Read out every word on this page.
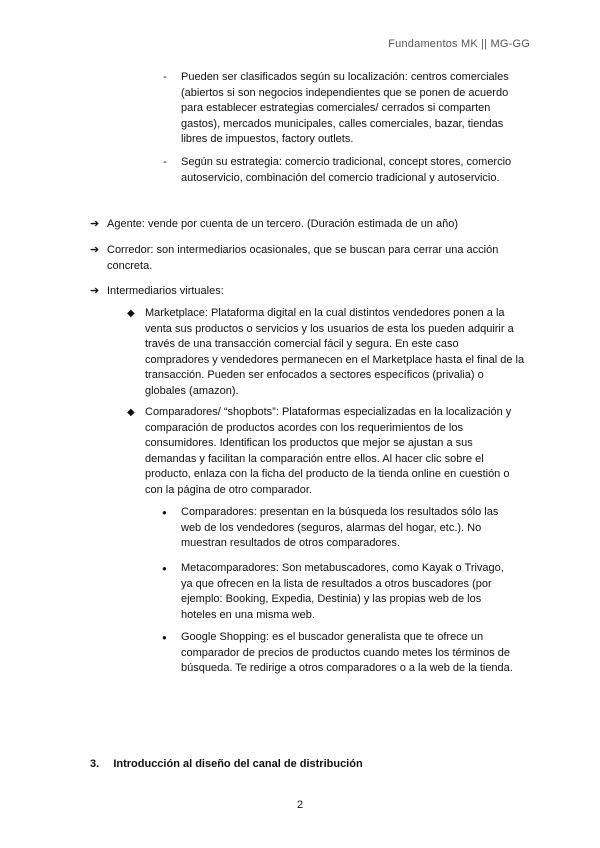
Fundamentos MK || MG-GG
- Pueden ser clasificados según su localización: centros comerciales (abiertos si son negocios independientes que se ponen de acuerdo para establecer estrategias comerciales/ cerrados si comparten gastos), mercados municipales, calles comerciales, bazar, tiendas libres de impuestos, factory outlets.
- Según su estrategia: comercio tradicional, concept stores, comercio autoservicio, combinación del comercio tradicional y autoservicio.
➔ Agente: vende por cuenta de un tercero. (Duración estimada de un año)
➔ Corredor: son intermediarios ocasionales, que se buscan para cerrar una acción concreta.
➔ Intermediarios virtuales:
◆ Marketplace: Plataforma digital en la cual distintos vendedores ponen a la venta sus productos o servicios y los usuarios de esta los pueden adquirir a través de una transacción comercial fácil y segura. En este caso compradores y vendedores permanecen en el Marketplace hasta el final de la transacción. Pueden ser enfocados a sectores específicos (privalia) o globales (amazon).
◆ Comparadores/ “shopbots”: Plataformas especializadas en la localización y comparación de productos acordes con los requerimientos de los consumidores. Identifican los productos que mejor se ajustan a sus demandas y facilitan la comparación entre ellos. Al hacer clic sobre el producto, enlaza con la ficha del producto de la tienda online en cuestión o con la página de otro comparador.
● Comparadores: presentan en la búsqueda los resultados sólo las web de los vendedores (seguros, alarmas del hogar, etc.). No muestran resultados de otros comparadores.
● Metacomparadores: Son metabuscadores, como Kayak o Trivago, ya que ofrecen en la lista de resultados a otros buscadores (por ejemplo: Booking, Expedia, Destinia) y las propias web de los hoteles en una misma web.
● Google Shopping: es el buscador generalista que te ofrece un comparador de precios de productos cuando metes los términos de búsqueda. Te redirige a otros comparadores o a la web de la tienda.
3. Introducción al diseño del canal de distribución
2
